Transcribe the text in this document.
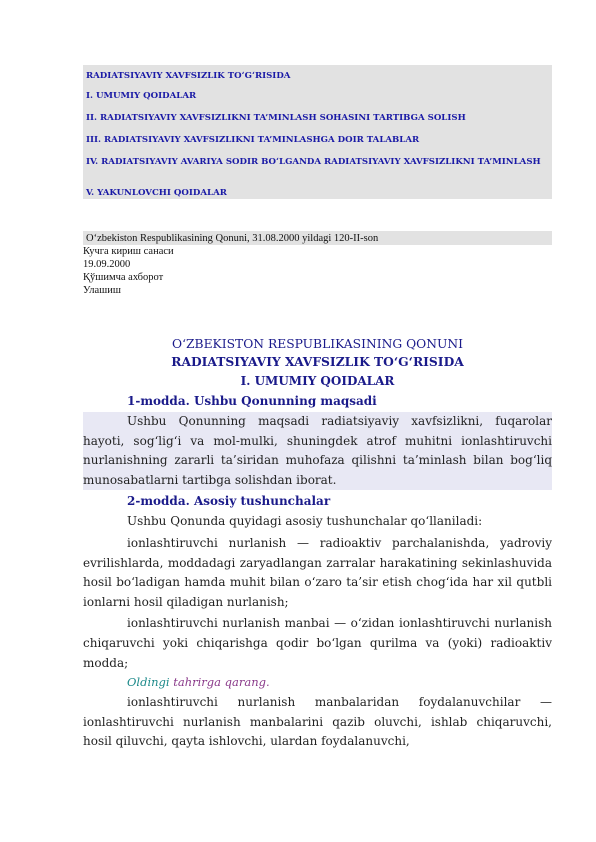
RADIATSIYAVIY XAVFSIZLIK TO‘G‘RISIDA
I. UMUMIY QOIDALAR
II. RADIATSIYAVIY XAVFSIZLIKNI TA’MINLASH SOHASINI TARTIBGA SOLISH
III. RADIATSIYAVIY XAVFSIZLIKNI TA’MINLASHGA DOIR TALABLAR
IV. RADIATSIYAVIY AVARIYA SODIR BO‘LGANDA RADIATSIYAVIY XAVFSIZLIKNI TA’MINLASH
V. YAKUNLOVCHI QOIDALAR
O‘zbekiston Respublikasining Qonuni, 31.08.2000 yildagi 120-II-son
Кучга кириш санаси
19.09.2000
Қўшимча ахборот
Улашиш
O‘ZBEKISTON RESPUBLIKASINING QONUNI
RADIATSIYAVIY XAVFSIZLIK TO‘G‘RISIDA
I. UMUMIY QOIDALAR
1-modda. Ushbu Qonunning maqsadi
Ushbu Qonunning maqsadi radiatsiyaviy xavfsizlikni, fuqarolar hayoti, sog‘lig‘i va mol-mulki, shuningdek atrof muhitni ionlashtiruvchi nurlanishning zararli ta’siridan muhofaza qilishni ta’minlash bilan bog‘liq munosabatlarni tartibga solishdan iborat.
2-modda. Asosiy tushunchalar
Ushbu Qonunda quyidagi asosiy tushunchalar qo‘llaniladi:
ionlashtiruvchi nurlanish — radioaktiv parchalanishda, yadroviy evrilishlarda, moddadagi zaryadlangan zarralar harakatining sekinlashuvida hosil bo‘ladigan hamda muhit bilan o‘zaro ta’sir etish chog‘ida har xil qutbli ionlarni hosil qiladigan nurlanish;
ionlashtiruvchi nurlanish manbai — o‘zidan ionlashtiruvchi nurlanish chiqaruvchi yoki chiqarishga qodir bo‘lgan qurilma va (yoki) radioaktiv modda;
Oldingi tahrirga qarang.
ionlashtiruvchi nurlanish manbalaridan foydalanuvchilar — ionlashtiruvchi nurlanish manbalarini qazib oluvchi, ishlab chiqaruvchi, hosil qiluvchi, qayta ishlovchi, ulardan foydalanuvchi,
